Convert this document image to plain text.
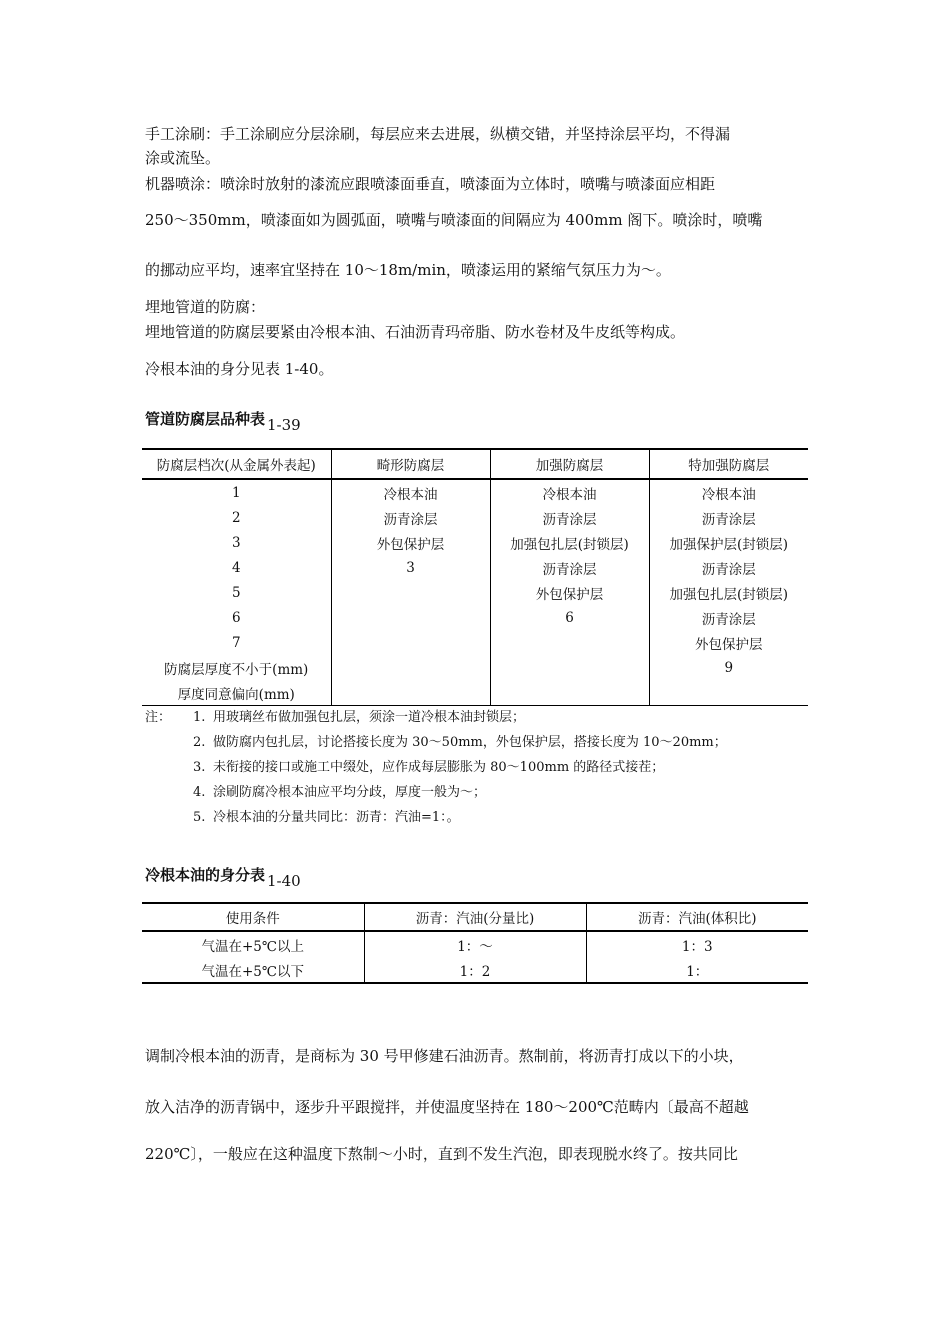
手工涂刷：手工涂刷应分层涂刷，每层应来去进展，纵横交错，并坚持涂层平均，不得漏
涂或流坠。
机器喷涂：喷涂时放射的漆流应跟喷漆面垂直，喷漆面为立体时，喷嘴与喷漆面应相距
250～350mm，喷漆面如为圆弧面，喷嘴与喷漆面的间隔应为 400mm 阁下。喷涂时，喷嘴
的挪动应平均，速率宜坚持在 10～18m/min，喷漆运用的紧缩气氛压力为～。
埋地管道的防腐：
埋地管道的防腐层要紧由冷根本油、石油沥青玛帝脂、防水卷材及牛皮纸等构成。
冷根本油的身分见表 1-40。
管道防腐层品种表 1-39
防腐层档次(从金属外表起)	畸形防腐层	加强防腐层	特加强防腐层
1	冷根本油	冷根本油	冷根本油
2	沥青涂层	沥青涂层	沥青涂层
3	外包保护层	加强包扎层(封锁层)	加强保护层(封锁层)
4	3	沥青涂层	沥青涂层
5		外包保护层	加强包扎层(封锁层)
6		6	沥青涂层
7			外包保护层
防腐层厚度不小于(mm)			9
厚度同意偏向(mm)			
注： 1. 用玻璃丝布做加强包扎层，须涂一道冷根本油封锁层；
2. 做防腐内包扎层，讨论搭接长度为 30～50mm，外包保护层，搭接长度为 10～20mm；
3. 未衔接的接口或施工中缀处，应作成每层膨胀为 80～100mm 的路径式接茬；
4. 涂刷防腐冷根本油应平均分歧，厚度一般为～；
5. 冷根本油的分量共同比：沥青：汽油=1：。
冷根本油的身分表 1-40
使用条件	沥青：汽油(分量比)	沥青：汽油(体积比)
气温在+5℃以上	1：～	1：3
气温在+5℃以下	1：2	1：
调制冷根本油的沥青，是商标为 30 号甲修建石油沥青。熬制前，将沥青打成以下的小块，
放入洁净的沥青锅中，逐步升平跟搅拌，并使温度坚持在 180～200℃范畴内〔最高不超越
220℃〕，一般应在这种温度下熬制～小时，直到不发生汽泡，即表现脱水终了。按共同比
